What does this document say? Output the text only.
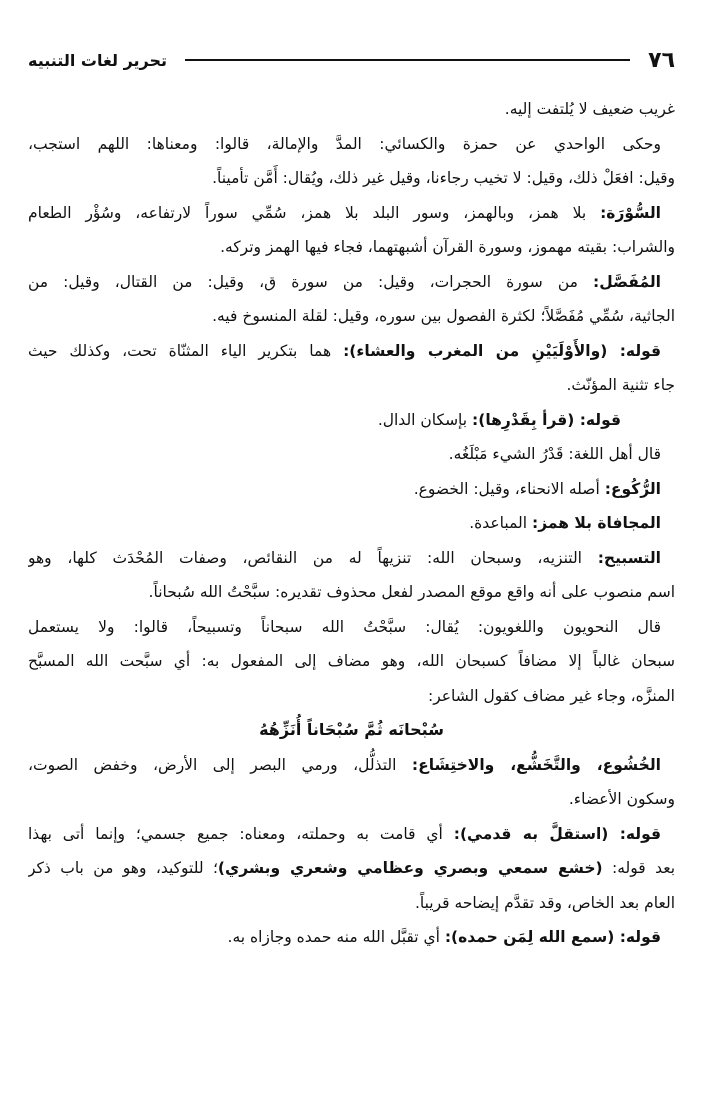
٧٦
تحرير لغات التنبيه
غريب ضعيف لا يُلتفت إليه.
وحكى الواحدي عن حمزة والكسائي: المدَّ والإمالة، قالوا: ومعناها: اللهم استجب،
وقيل: افعَلْ ذلك، وقيل: لا تخيب رجاءنا، وقيل غير ذلك، ويُقال: أَمَّن تأميناً.
السُّوْرَة: بلا همز، وبالهمز، وسور البلد بلا همز، سُمِّي سوراً لارتفاعه، وسُؤْر الطعام
والشراب: بقيته مهموز، وسورة القرآن أشبهتهما، فجاء فيها الهمز وتركه.
المُفَصَّل: من سورة الحجرات، وقيل: من سورة ق، وقيل: من القتال، وقيل: من
الجاثية، سُمِّي مُفَصَّلاً؛ لكثرة الفصول بين سوره، وقيل: لقلة المنسوخ فيه.
قوله: (والأَوْلَيَيْنِ من المغرب والعشاء): هما بتكرير الياء المثنّاة تحت، وكذلك حيث
جاء تثنية المؤنّث.
قوله: (قرأ بِقَدْرِها): بإسكان الدال.
قال أهل اللغة: قَدْرُ الشيء مَبْلَغُه.
الرُّكُوع: أصله الانحناء، وقيل: الخضوع.
المجافاة بلا همز: المباعدة.
التسبيح: التنزيه، وسبحان الله: تنزيهاً له من النقائص، وصفات المُحْدَث كلها، وهو
اسم منصوب على أنه واقع موقع المصدر لفعل محذوف تقديره: سبَّحْتُ الله سُبحاناً.
قال النحويون واللغويون: يُقال: سبَّحْتُ الله سبحاناً وتسبيحاً، قالوا: ولا يستعمل
سبحان غالباً إلا مضافاً كسبحان الله، وهو مضاف إلى المفعول به: أي سبَّحت الله المسبَّح
المنزَّه، وجاء غير مضاف كقول الشاعر:
سُبْحانَه ثُمَّ سُبْحَاناً أُنَزِّهُهُ
الخُشُوع، والتَّخَشُّع، والاختِشَاع: التذلُّل، ورمي البصر إلى الأرض، وخفض الصوت،
وسكون الأعضاء.
قوله: (استقلَّ به قدمي): أي قامت به وحملته، ومعناه: جميع جسمي؛ وإنما أتى بهذا
بعد قوله: (خشع سمعي وبصري وعظامي وشعري وبشري)؛ للتوكيد، وهو من باب ذكر
العام بعد الخاص، وقد تقدَّم إيضاحه قريباً.
قوله: (سمع الله لِمَن حمده): أي تقبَّل الله منه حمده وجازاه به.
